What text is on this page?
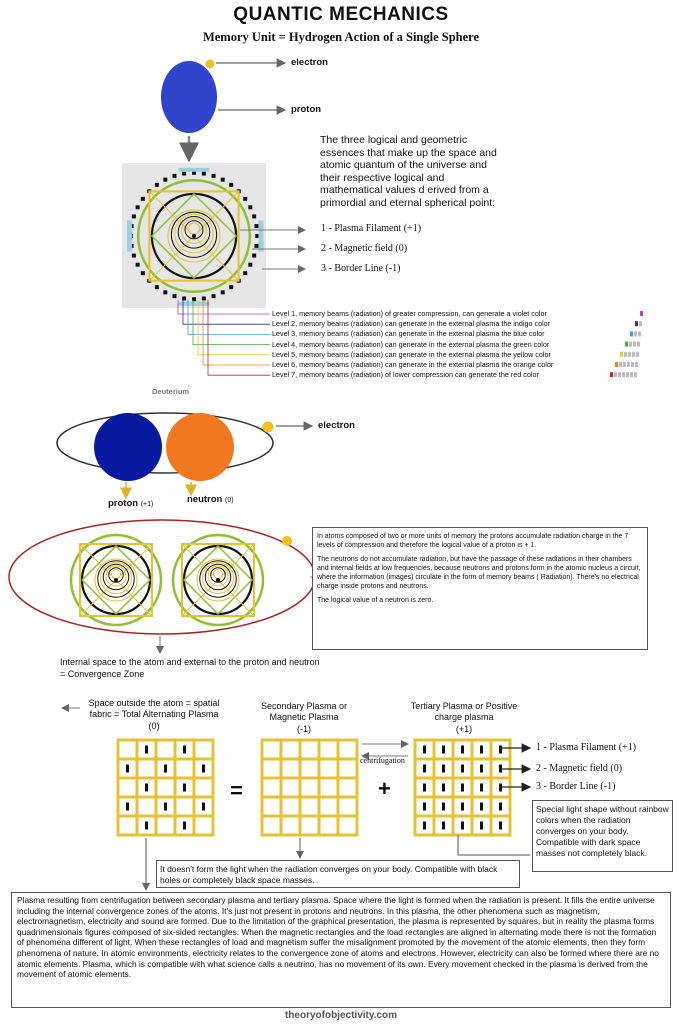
QUANTIC MECHANICS
Memory Unit = Hydrogen Action of a Single Sphere
electron
proton
The three logical and geometric essences that make up the space and atomic quantum of the universe and their respective logical and mathematical values d erived from a primordial and eternal spherical point:
1 - Plasma Filament (+1)
2 - Magnetic field (0)
3 - Border Line (-1)
Level 1, memory beams (radiation) of greater compression, can generate a violet color
Level 2, memory beams (radiation) can generate in the external plasma the indigo color
Level 3, memory beams (radiation) can generate in the external plasma the blue color
Level 4, memory beams (radiation) can generate in the external plasma the green color
Level 5, memory beams (radiation) can generate in the external plasma the yellow color
Level 6, memory beams (radiation) can generate in the external plasma the orange color
Level 7, memory beams (radiation) of lower compression can generate the red color
Deuterium
electron
proton (+1)	neutron (0)
In atoms composed of two or more units of memory the protons accumulate radiation charge in the 7 levels of compression and therefore the logical value of a proton is + 1.
The neutrons do not accumulate radiation, but have the passage of these radiations in their chambers and internal fields at low frequencies, because neutrons and protons form in the atomic nucleus a circuit, where the information (images) circulate in the form of memory beams ( Radiation). There's no electrical charge inside protons and neutrons.
The logical value of a neutron is zero.
Internal space to the atom and external to the proton and neutron = Convergence Zone
Space outside the atom = spatial fabric = Total Alternating Plasma
(0)
Secondary Plasma or Magnetic Plasma
(-1)
Tertiary Plasma or Positive charge plasma
(+1)
=	+
centrifugation
1 - Plasma Filament (+1)
2 - Magnetic field (0)
3 - Border Line (-1)
Special light shape without rainbow colors when the radiation converges on your body. Compatible with dark space masses not completely black.
It doesn't form the light when the radiation converges on your body. Compatible with black holes or completely black space masses.
Plasma resulting from centrifugation between secondary plasma and tertiary plasma. Space where the light is formed when the radiation is present. It fills the entire universe including the internal convergence zones of the atoms. It's just not present in protons and neutrons. In this plasma, the other phenomena such as magnetism, electromagnetism, electricity and sound are formed. Due to the limitation of the graphical presentation, the plasma is represented by squares, but in reality the plasma forms quadrimensionais figures composed of six-sided rectangles. When the magnetic rectangles and the load rectangles are aligned in alternating mode there is not the formation of phenomena different of light. When these rectangles of load and magnetism suffer the misalignment promoted by the movement of the atomic elements, then they form phenomena of nature. In atomic environments, electricity relates to the convergence zone of atoms and electrons. However, electricity can also be formed where there are no atomic elements. Plasma, which is compatible with what science calls a neutrino, has no movement of its own. Every movement checked in the plasma is derived from the movement of atomic elements.
theoryofobjectivity.com
